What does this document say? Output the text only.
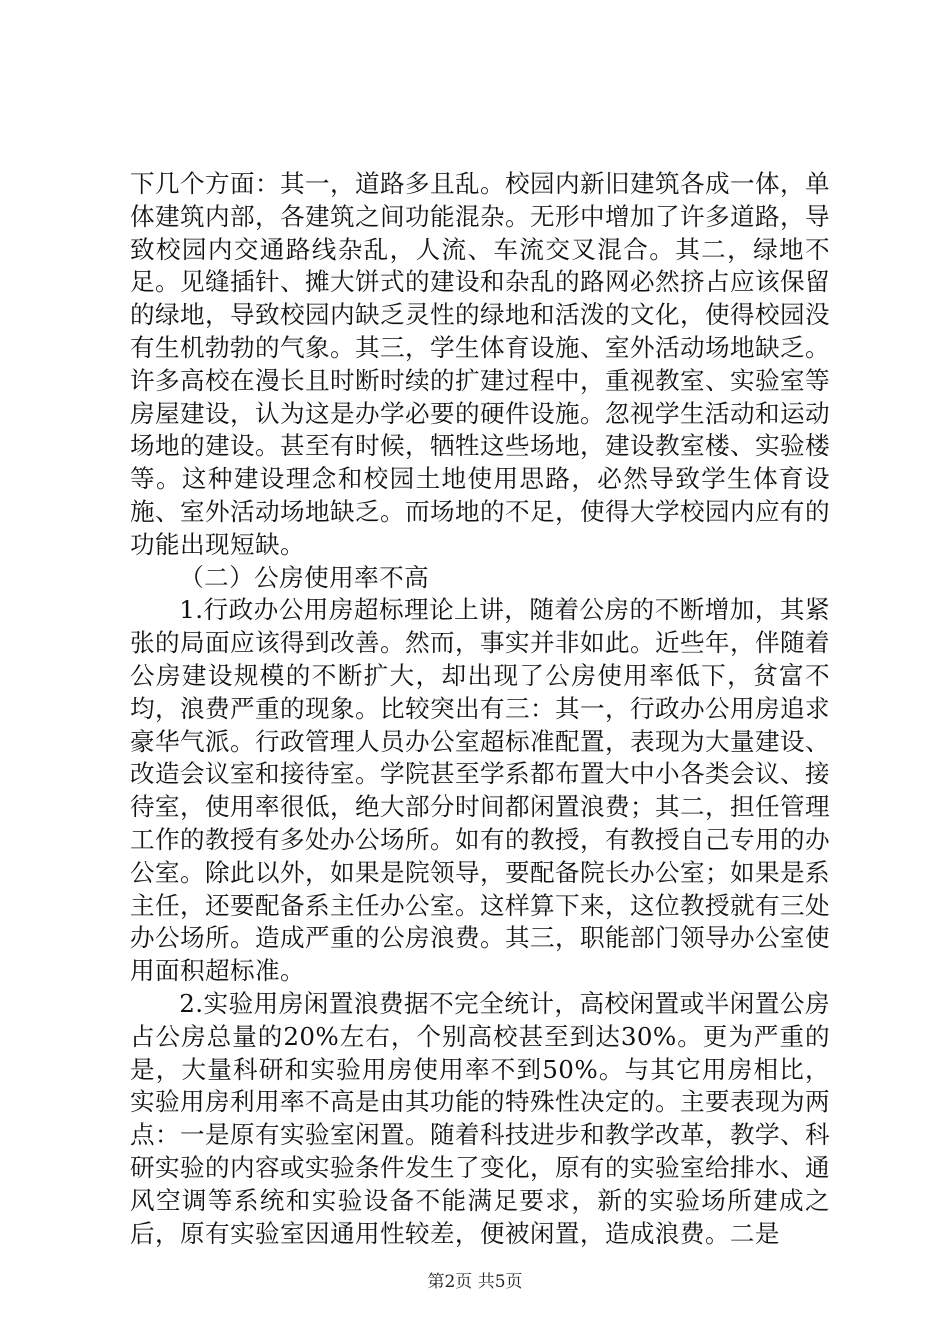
下几个方面：其一，道路多且乱。校园内新旧建筑各成一体，单体建筑内部，各建筑之间功能混杂。无形中增加了许多道路，导致校园内交通路线杂乱，人流、车流交叉混合。其二，绿地不足。见缝插针、摊大饼式的建设和杂乱的路网必然挤占应该保留的绿地，导致校园内缺乏灵性的绿地和活泼的文化，使得校园没有生机勃勃的气象。其三，学生体育设施、室外活动场地缺乏。许多高校在漫长且时断时续的扩建过程中，重视教室、实验室等房屋建设，认为这是办学必要的硬件设施。忽视学生活动和运动场地的建设。甚至有时候，牺牲这些场地，建设教室楼、实验楼等。这种建设理念和校园土地使用思路，必然导致学生体育设施、室外活动场地缺乏。而场地的不足，使得大学校园内应有的功能出现短缺。

（二）公房使用率不高

1.行政办公用房超标理论上讲，随着公房的不断增加，其紧张的局面应该得到改善。然而，事实并非如此。近些年，伴随着公房建设规模的不断扩大，却出现了公房使用率低下，贫富不均，浪费严重的现象。比较突出有三：其一，行政办公用房追求豪华气派。行政管理人员办公室超标准配置，表现为大量建设、改造会议室和接待室。学院甚至学系都布置大中小各类会议、接待室，使用率很低，绝大部分时间都闲置浪费；其二，担任管理工作的教授有多处办公场所。如有的教授，有教授自己专用的办公室。除此以外，如果是院领导，要配备院长办公室；如果是系主任，还要配备系主任办公室。这样算下来，这位教授就有三处办公场所。造成严重的公房浪费。其三，职能部门领导办公室使用面积超标准。

2.实验用房闲置浪费据不完全统计，高校闲置或半闲置公房占公房总量的20%左右，个别高校甚至到达30%。更为严重的是，大量科研和实验用房使用率不到50%。与其它用房相比，实验用房利用率不高是由其功能的特殊性决定的。主要表现为两点：一是原有实验室闲置。随着科技进步和教学改革，教学、科研实验的内容或实验条件发生了变化，原有的实验室给排水、通风空调等系统和实验设备不能满足要求，新的实验场所建成之后，原有实验室因通用性较差，便被闲置，造成浪费。二是

第2页 共5页
